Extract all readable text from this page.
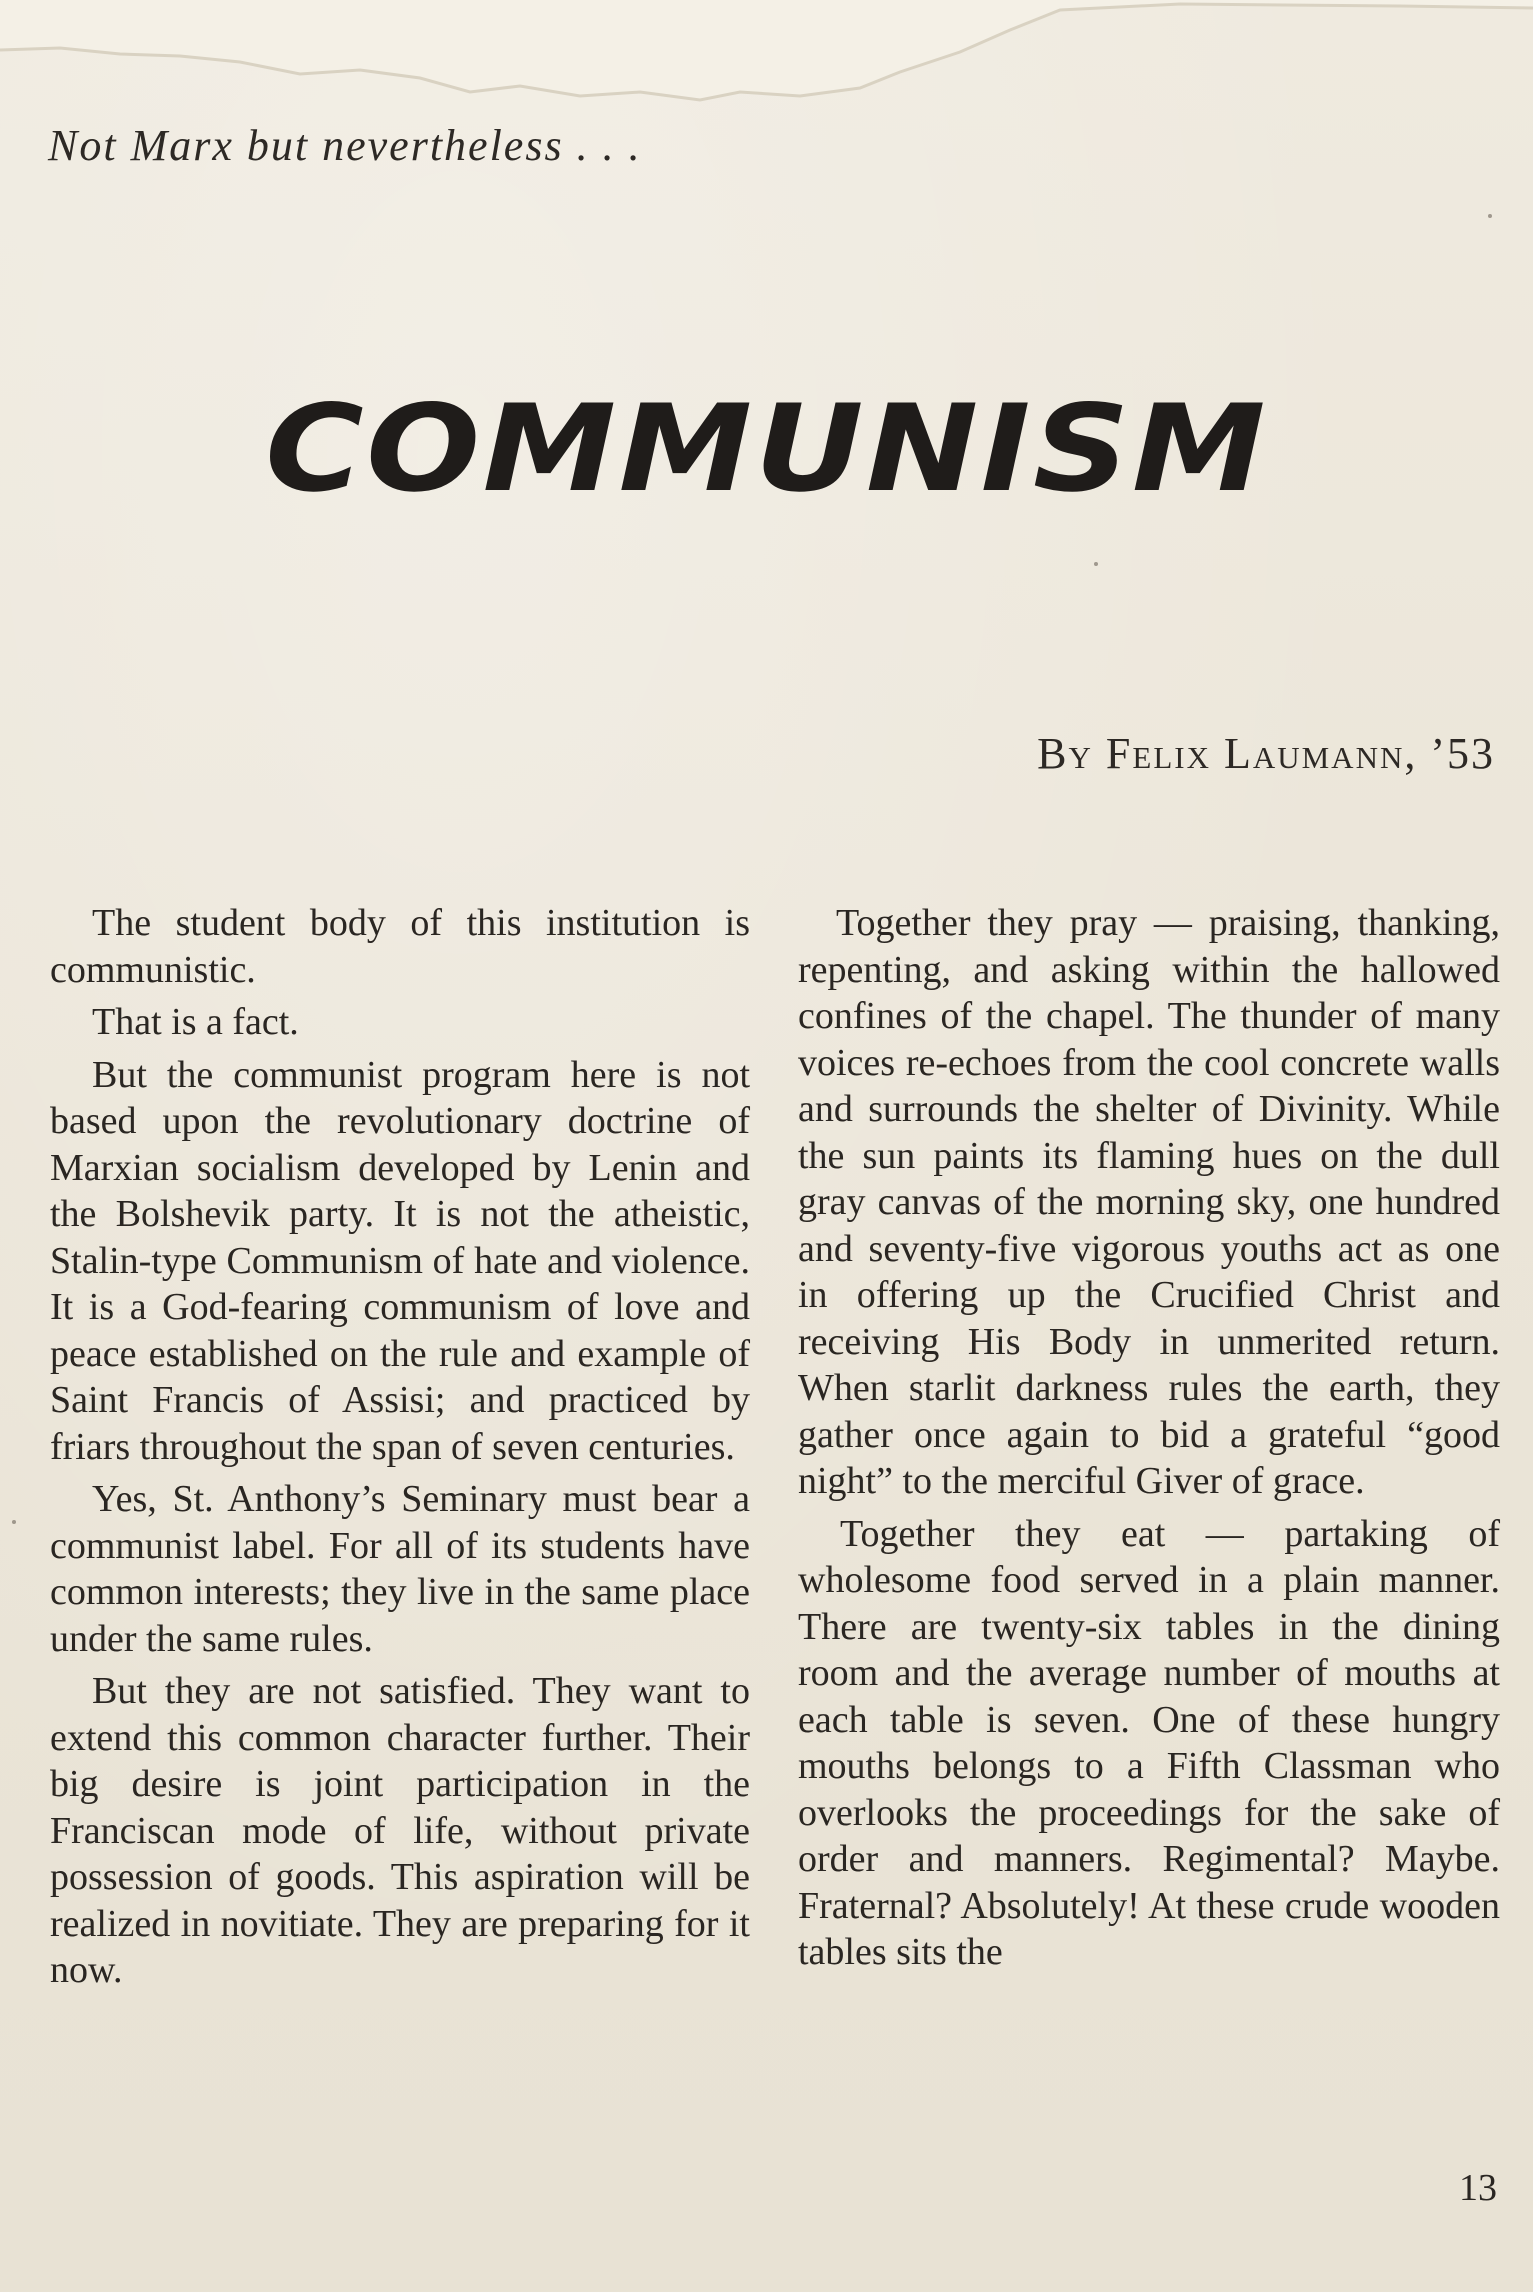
Not Marx but nevertheless . . .
COMMUNISM
By Felix Laumann, ’53

The student body of this institution is communistic.

That is a fact.

But the communist program here is not based upon the revolutionary doctrine of Marxian socialism developed by Lenin and the Bolshevik party. It is not the atheistic, Stalin-type Communism of hate and violence. It is a God-fearing communism of love and peace established on the rule and example of Saint Francis of Assisi; and practiced by friars throughout the span of seven centuries.

Yes, St. Anthony’s Seminary must bear a communist label. For all of its students have common interests; they live in the same place under the same rules.

But they are not satisfied. They want to extend this common character further. Their big desire is joint participation in the Franciscan mode of life, without private possession of goods. This aspiration will be realized in novitiate. They are preparing for it now.

Together they pray — praising, thanking, repenting, and asking within the hallowed confines of the chapel. The thunder of many voices re-echoes from the cool concrete walls and surrounds the shelter of Divinity. While the sun paints its flaming hues on the dull gray canvas of the morning sky, one hundred and seventy-five vigorous youths act as one in offering up the Crucified Christ and receiving His Body in unmerited return. When starlit darkness rules the earth, they gather once again to bid a grateful “good night” to the merciful Giver of grace.

Together they eat — partaking of wholesome food served in a plain manner. There are twenty-six tables in the dining room and the average number of mouths at each table is seven. One of these hungry mouths belongs to a Fifth Classman who overlooks the proceedings for the sake of order and manners. Regimental? Maybe. Fraternal? Absolutely! At these crude wooden tables sits the

13
